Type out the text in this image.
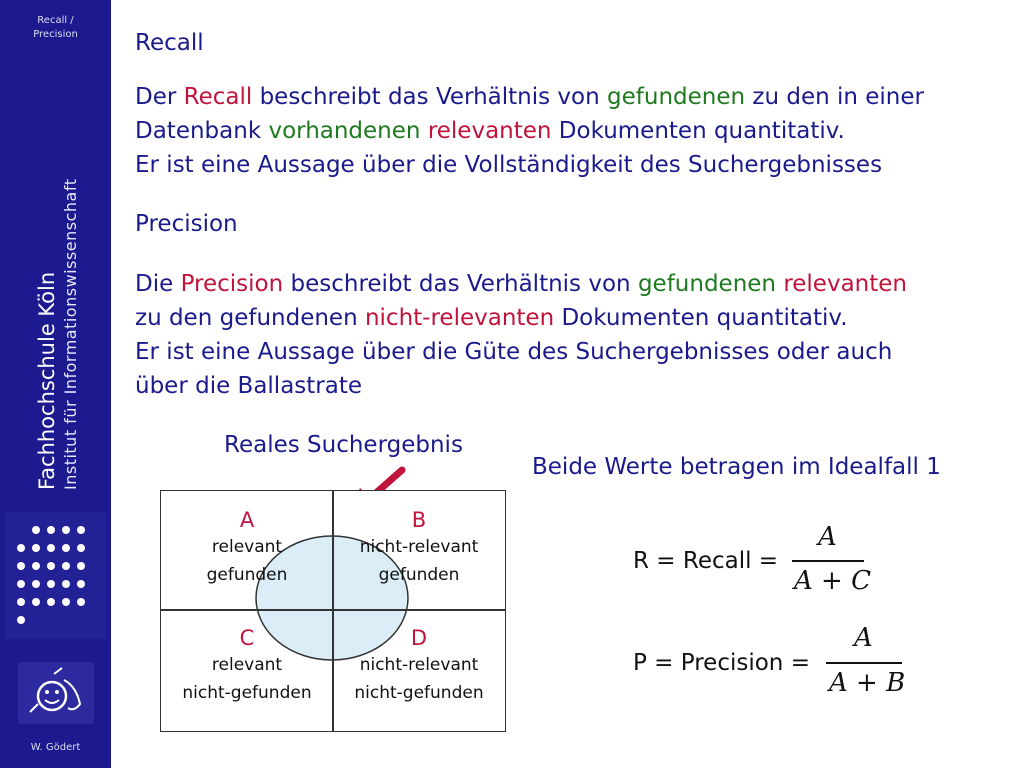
Recall /
Precision
Fachhochschule Köln Institut für Informationswissenschaft
W. Gödert
Recall
Der Recall beschreibt das Verhältnis von gefundenen zu den in einer
Datenbank vorhandenen relevanten Dokumenten quantitativ.
Er ist eine Aussage über die Vollständigkeit des Suchergebnisses
Precision
Die Precision beschreibt das Verhältnis von gefundenen relevanten
zu den gefundenen nicht-relevanten Dokumenten quantitativ.
Er ist eine Aussage über die Güte des Suchergebnisses oder auch
über die Ballastrate
Reales Suchergebnis
A
relevant
gefunden
B
nicht-relevant
gefunden
C
relevant
nicht-gefunden
D
nicht-relevant
nicht-gefunden
Beide Werte betragen im Idealfall 1
R = Recall =
A
A + C
P = Precision =
A
A + B
